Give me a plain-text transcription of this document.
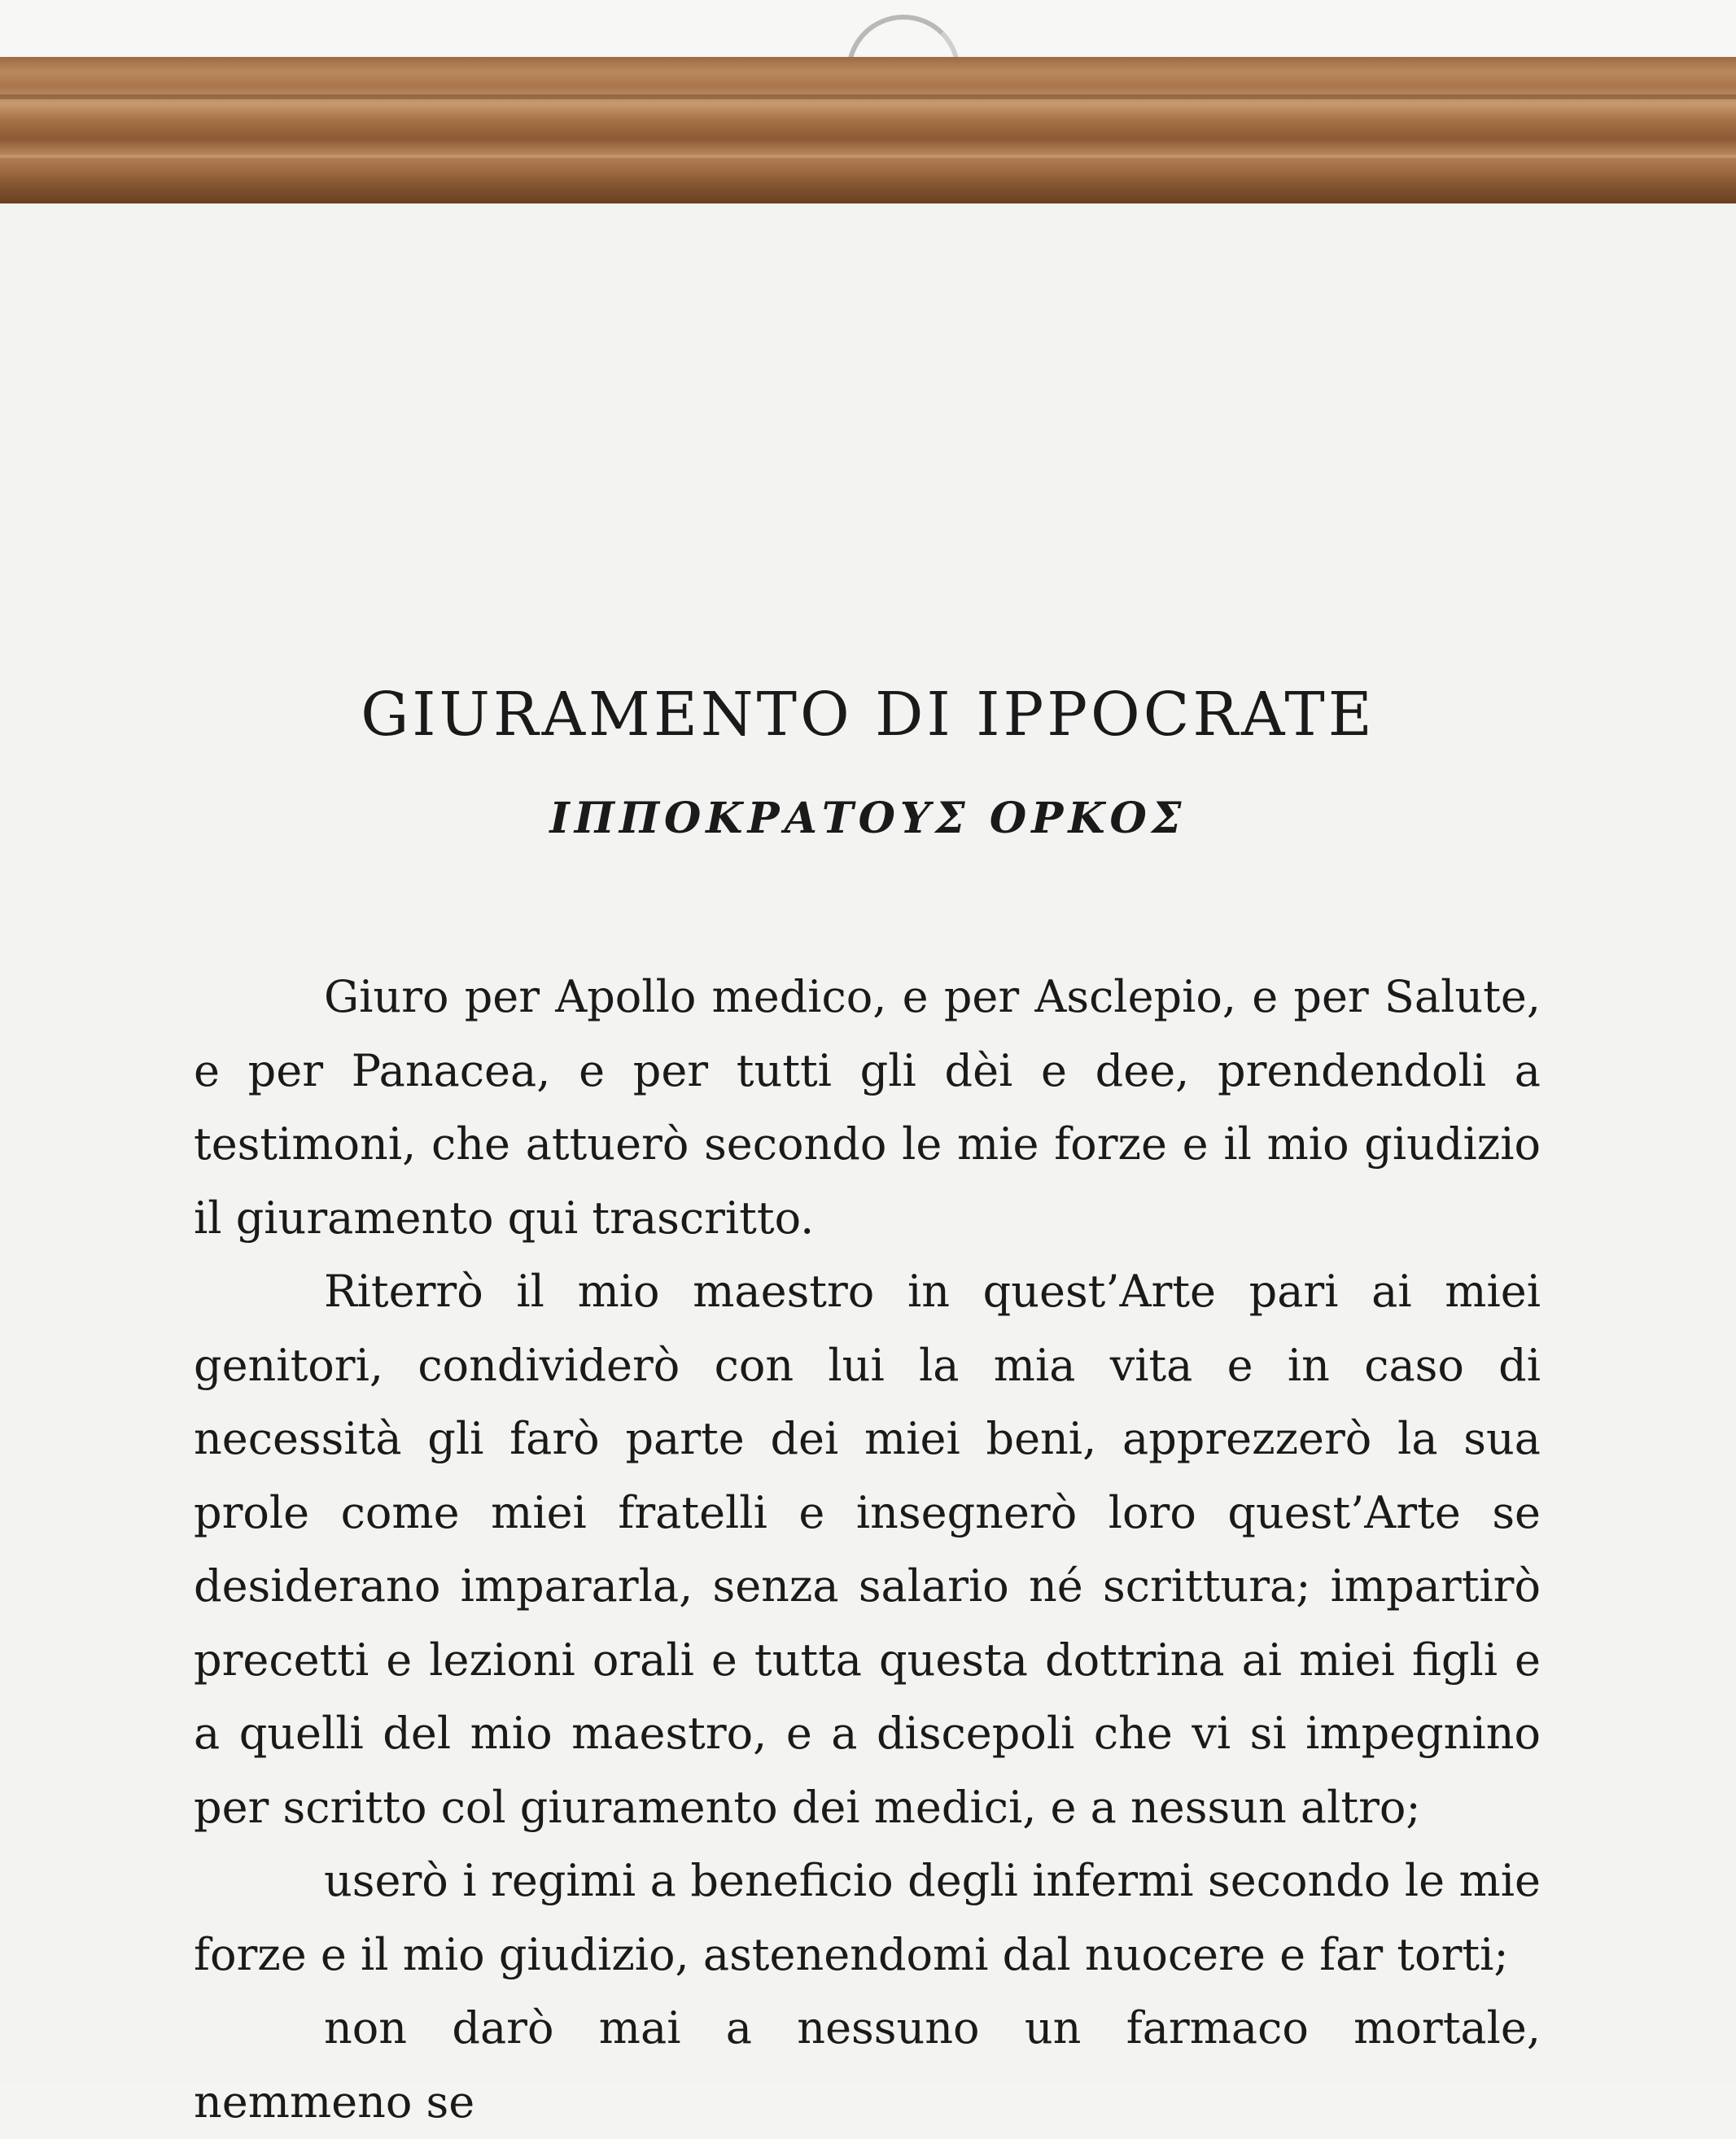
GIURAMENTO DI IPPOCRATE
ΙΠΠΟΚΡΑΤΟΥΣ ΟΡΚΟΣ

Giuro per Apollo medico, e per Asclepio, e per Salute, e per Panacea, e per tutti gli dèi e dee, prendendoli a testimoni, che attuerò secondo le mie forze e il mio giudizio il giuramento qui trascritto.

Riterrò il mio maestro in quest’Arte pari ai miei genitori, condividerò con lui la mia vita e in caso di necessità gli farò parte dei miei beni, apprezzerò la sua prole come miei fratelli e insegnerò loro quest’Arte se desiderano impararla, senza salario né scrittura; impartirò precetti e lezioni orali e tutta questa dottrina ai miei figli e a quelli del mio maestro, e a discepoli che vi si impegnino per scritto col giuramento dei medici, e a nessun altro;

userò i regimi a beneficio degli infermi secondo le mie forze e il mio giudizio, astenendomi dal nuocere e far torti;

non darò mai a nessuno un farmaco mortale, nemmeno se
